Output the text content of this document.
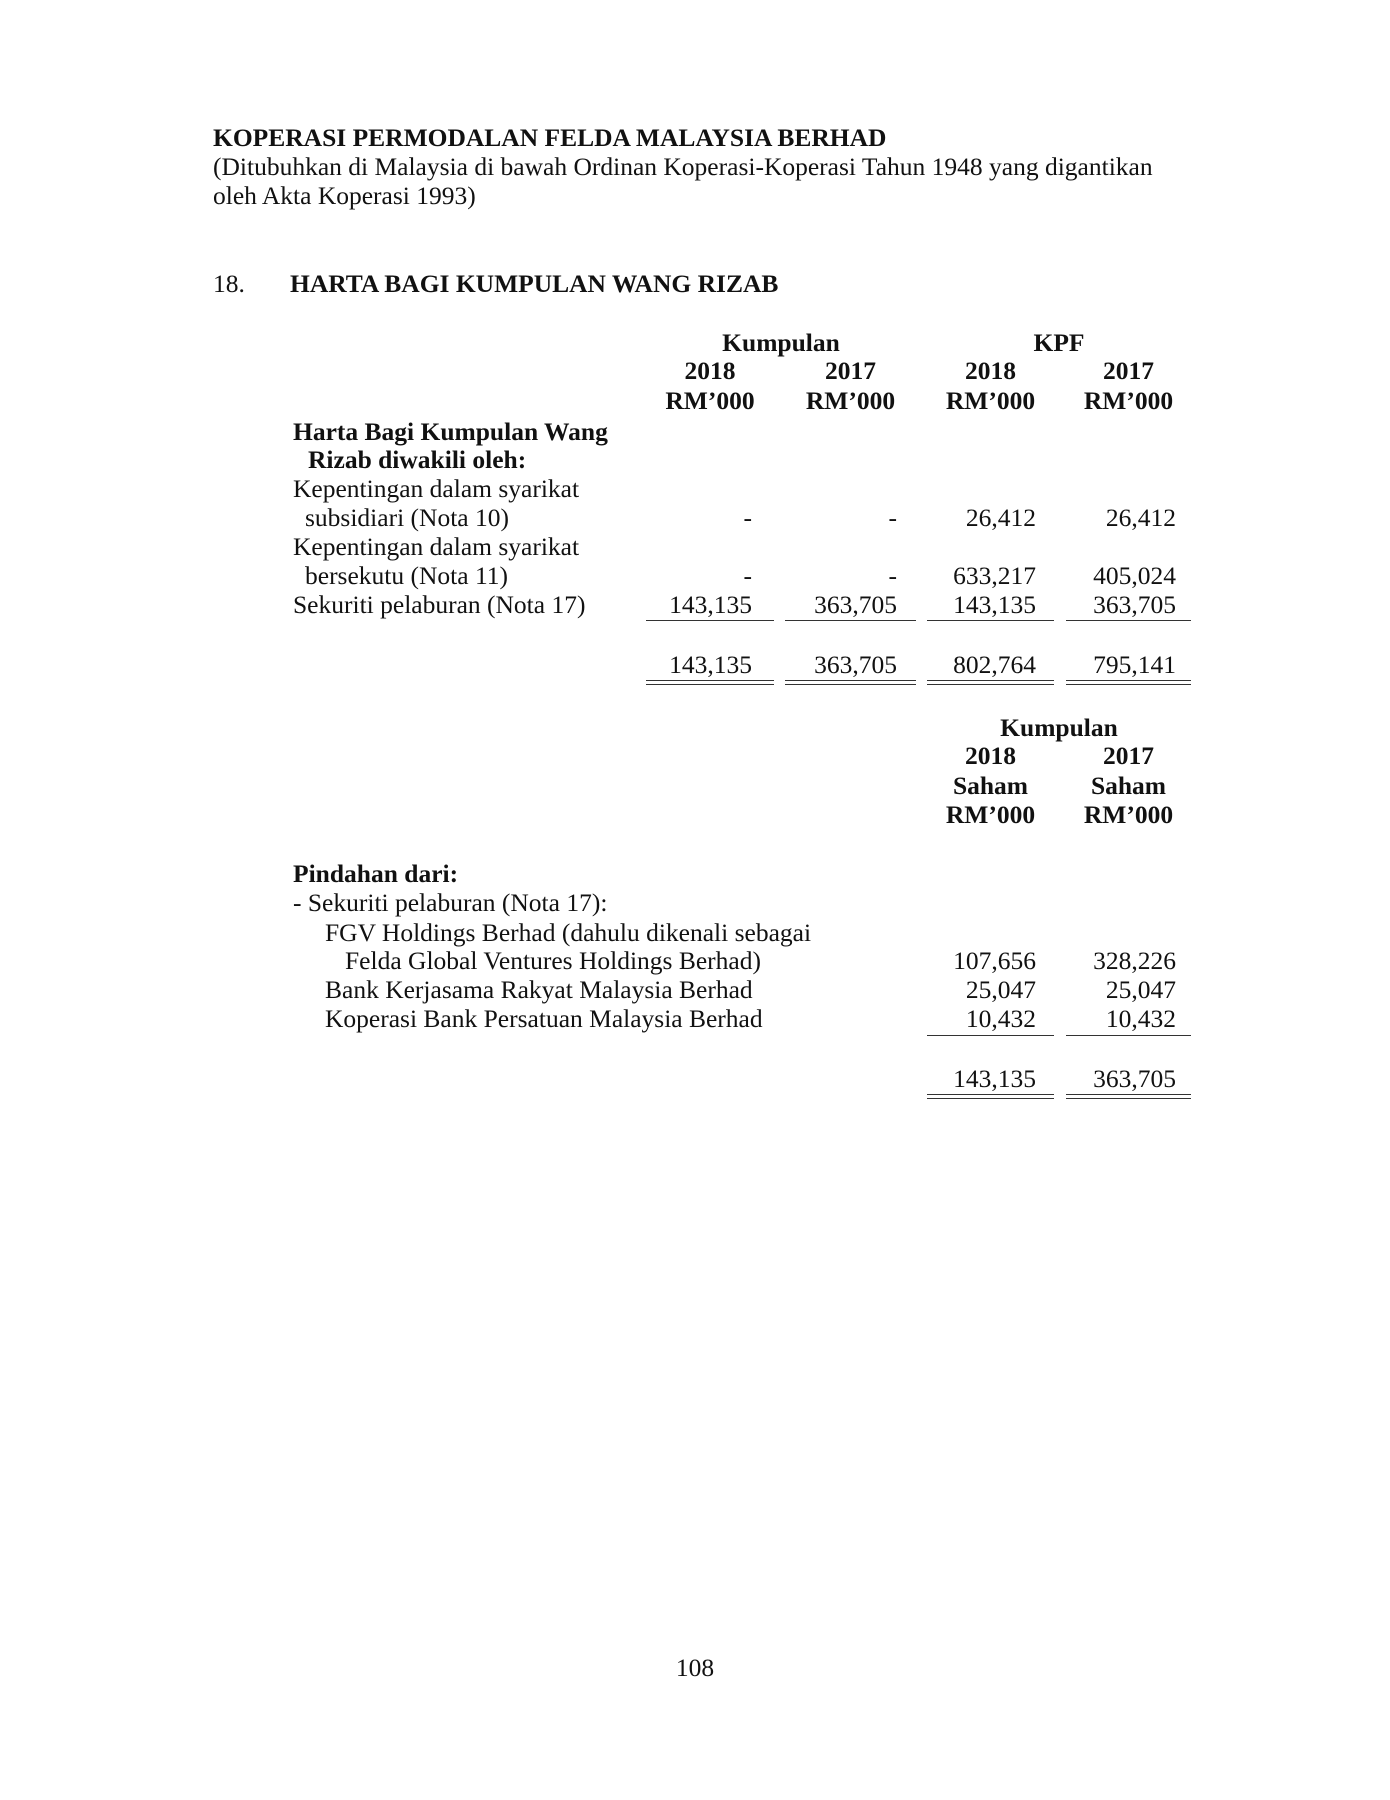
KOPERASI PERMODALAN FELDA MALAYSIA BERHAD
(Ditubuhkan di Malaysia di bawah Ordinan Koperasi-Koperasi Tahun 1948 yang digantikan
oleh Akta Koperasi 1993)
18. HARTA BAGI KUMPULAN WANG RIZAB
Kumpulan	KPF
2018	2017	2018	2017
RM’000	RM’000	RM’000	RM’000
Harta Bagi Kumpulan Wang
Rizab diwakili oleh:
Kepentingan dalam syarikat
subsidiari (Nota 10)	-	-	26,412	26,412
Kepentingan dalam syarikat
bersekutu (Nota 11)	-	-	633,217	405,024
Sekuriti pelaburan (Nota 17)	143,135	363,705	143,135	363,705
143,135	363,705	802,764	795,141
Kumpulan
2018	2017
Saham	Saham
RM’000	RM’000
Pindahan dari:
- Sekuriti pelaburan (Nota 17):
FGV Holdings Berhad (dahulu dikenali sebagai
Felda Global Ventures Holdings Berhad)	107,656	328,226
Bank Kerjasama Rakyat Malaysia Berhad	25,047	25,047
Koperasi Bank Persatuan Malaysia Berhad	10,432	10,432
143,135	363,705
108
